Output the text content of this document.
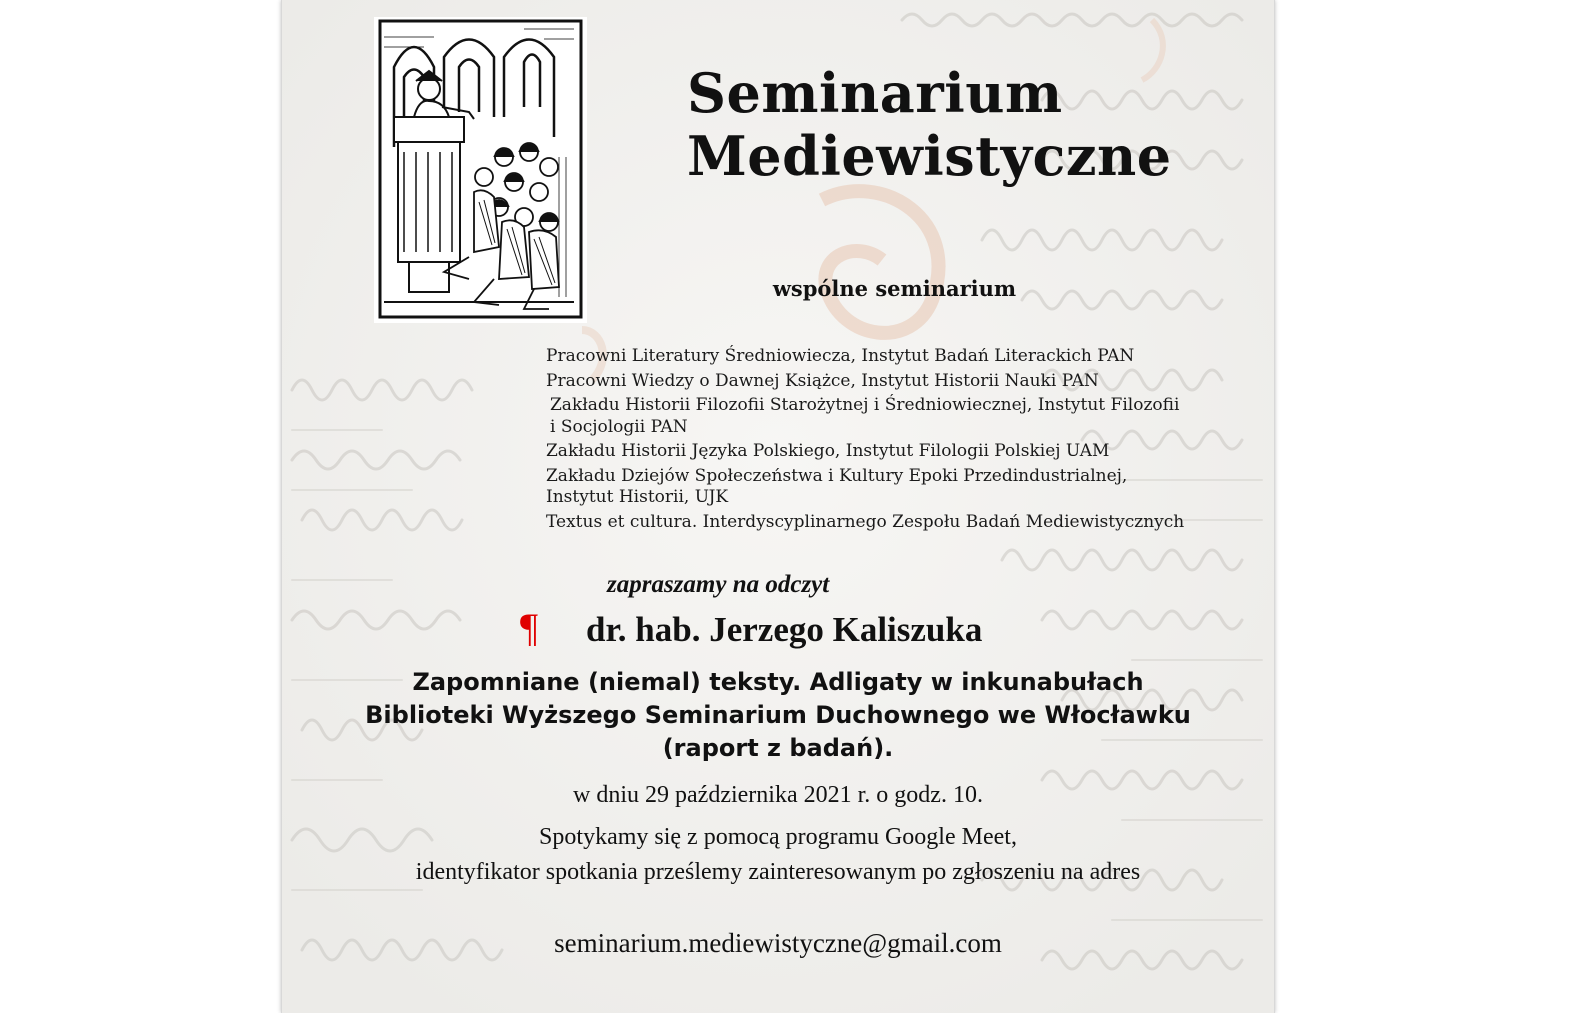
Seminarium
Mediewistyczne
wspólne seminarium
Pracowni Literatury Średniowiecza, Instytut Badań Literackich PAN
Pracowni Wiedzy o Dawnej Książce, Instytut Historii Nauki PAN
Zakładu Historii Filozofii Starożytnej i Średniowiecznej, Instytut Filozofii i Socjologii PAN
Zakładu Historii Języka Polskiego, Instytut Filologii Polskiej UAM
Zakładu Dziejów Społeczeństwa i Kultury Epoki Przedindustrialnej, Instytut Historii, UJK
Textus et cultura. Interdyscyplinarnego Zespołu Badań Mediewistycznych
zapraszamy na odczyt
¶ dr. hab. Jerzego Kaliszuka
Zapomniane (niemal) teksty. Adligaty w inkunabułach Biblioteki Wyższego Seminarium Duchownego we Włocławku (raport z badań).
w dniu 29 października 2021 r. o godz. 10.
Spotykamy się z pomocą programu Google Meet,
identyfikator spotkania prześlemy zainteresowanym po zgłoszeniu na adres
seminarium.mediewistyczne@gmail.com
